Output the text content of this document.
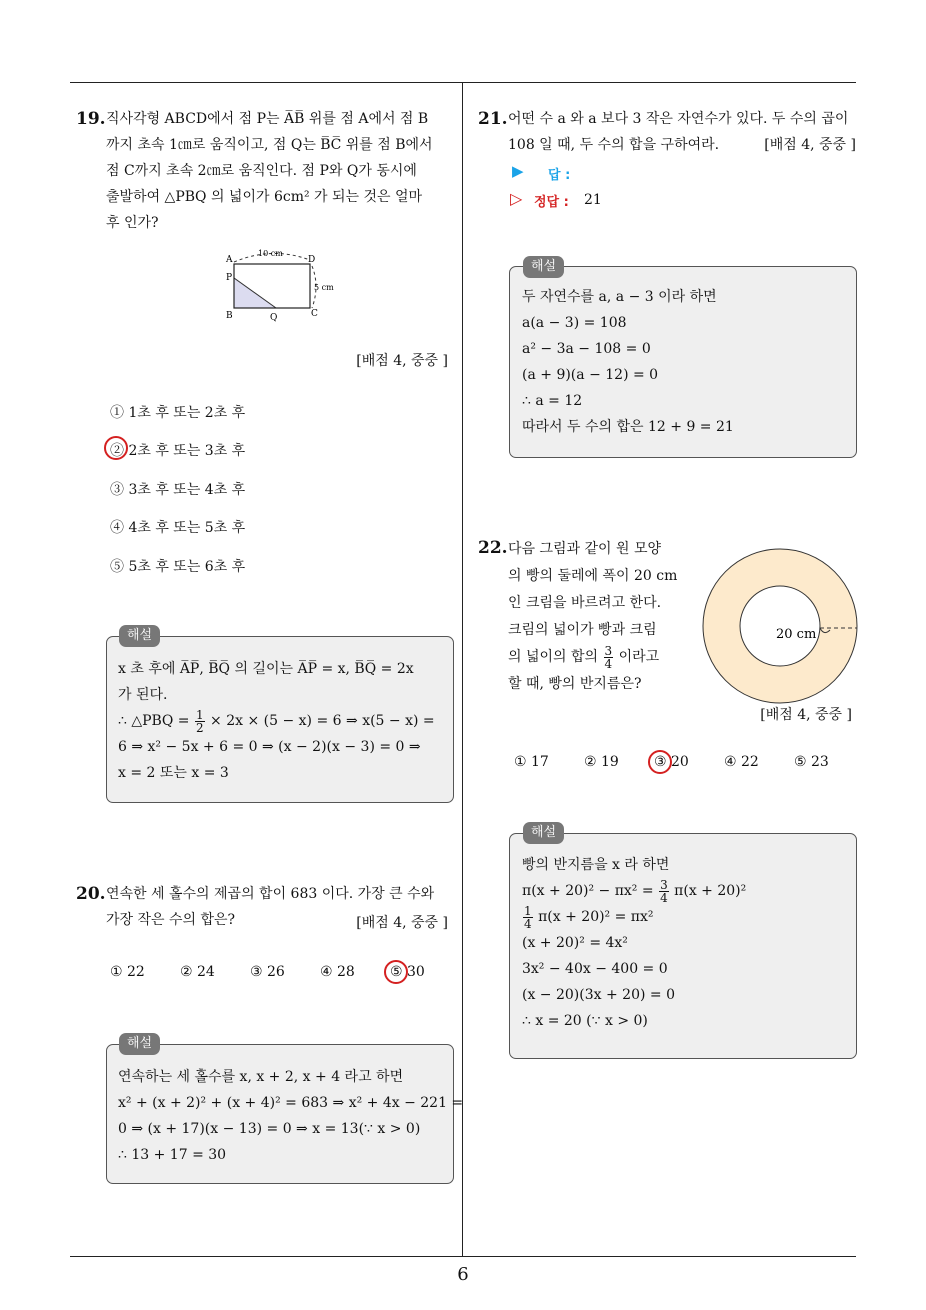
19. 직사각형 ABCD에서 점 P는 A̅B̅ 위를 점 A에서 점 B
까지 초속 1㎝로 움직이고, 점 Q는 B̅C̅ 위를 점 B에서
점 C까지 초속 2㎝로 움직인다. 점 P와 Q가 동시에
출발하여 △PBQ 의 넓이가 6cm² 가 되는 것은 얼마
후 인가?
A	D
P
B	Q	C
10 cm
5 cm
[배점 4, 중중 ]
① 1초 후 또는 2초 후
② 2초 후 또는 3초 후
③ 3초 후 또는 4초 후
④ 4초 후 또는 5초 후
⑤ 5초 후 또는 6초 후
해설
x 초 후에 A̅P̅, B̅Q̅ 의 길이는 A̅P̅ = x, B̅Q̅ = 2x
가 된다.
∴ △PBQ = $\frac{1}{2} \times 2x \times (5 - x) = 6$ ⇒ x(5 − x) =
6 ⇒ x² − 5x + 6 = 0 ⇒ (x − 2)(x − 3) = 0 ⇒
x = 2 또는 x = 3
20. 연속한 세 홀수의 제곱의 합이 683 이다. 가장 큰 수와
가장 작은 수의 합은?	[배점 4, 중중 ]
① 22	② 24	③ 26	④ 28	⑤ 30
해설
연속하는 세 홀수를 x, x + 2, x + 4 라고 하면
x² + (x + 2)² + (x + 4)² = 683 ⇒ x² + 4x − 221 =
0 ⇒ (x + 17)(x − 13) = 0 ⇒ x = 13(∵ x > 0)
∴ 13 + 17 = 30
21. 어떤 수 a 와 a 보다 3 작은 자연수가 있다. 두 수의 곱이
108 일 때, 두 수의 합을 구하여라.	[배점 4, 중중 ]
▶ 답 :
▷ 정답 : 21
해설
두 자연수를 a, a − 3 이라 하면
a(a − 3) = 108
a² − 3a − 108 = 0
(a + 9)(a − 12) = 0
∴ a = 12
따라서 두 수의 합은 12 + 9 = 21
22. 다음 그림과 같이 원 모양
의 빵의 둘레에 폭이 20 cm
인 크림을 바르려고 한다.
크림의 넓이가 빵과 크림
의 넓이의 합의 $\frac{3}{4}$ 이라고
할 때, 빵의 반지름은?
20 cm
[배점 4, 중중 ]
① 17	② 19	③ 20	④ 22	⑤ 23
해설
빵의 반지름을 x 라 하면
$\pi(x + 20)^2 - \pi x^2 = \frac{3}{4} \pi(x + 20)^2$
$\frac{1}{4} \pi(x + 20)^2 = \pi x^2$
(x + 20)² = 4x²
3x² − 40x − 400 = 0
(x − 20)(3x + 20) = 0
∴ x = 20 (∵ x > 0)
6
